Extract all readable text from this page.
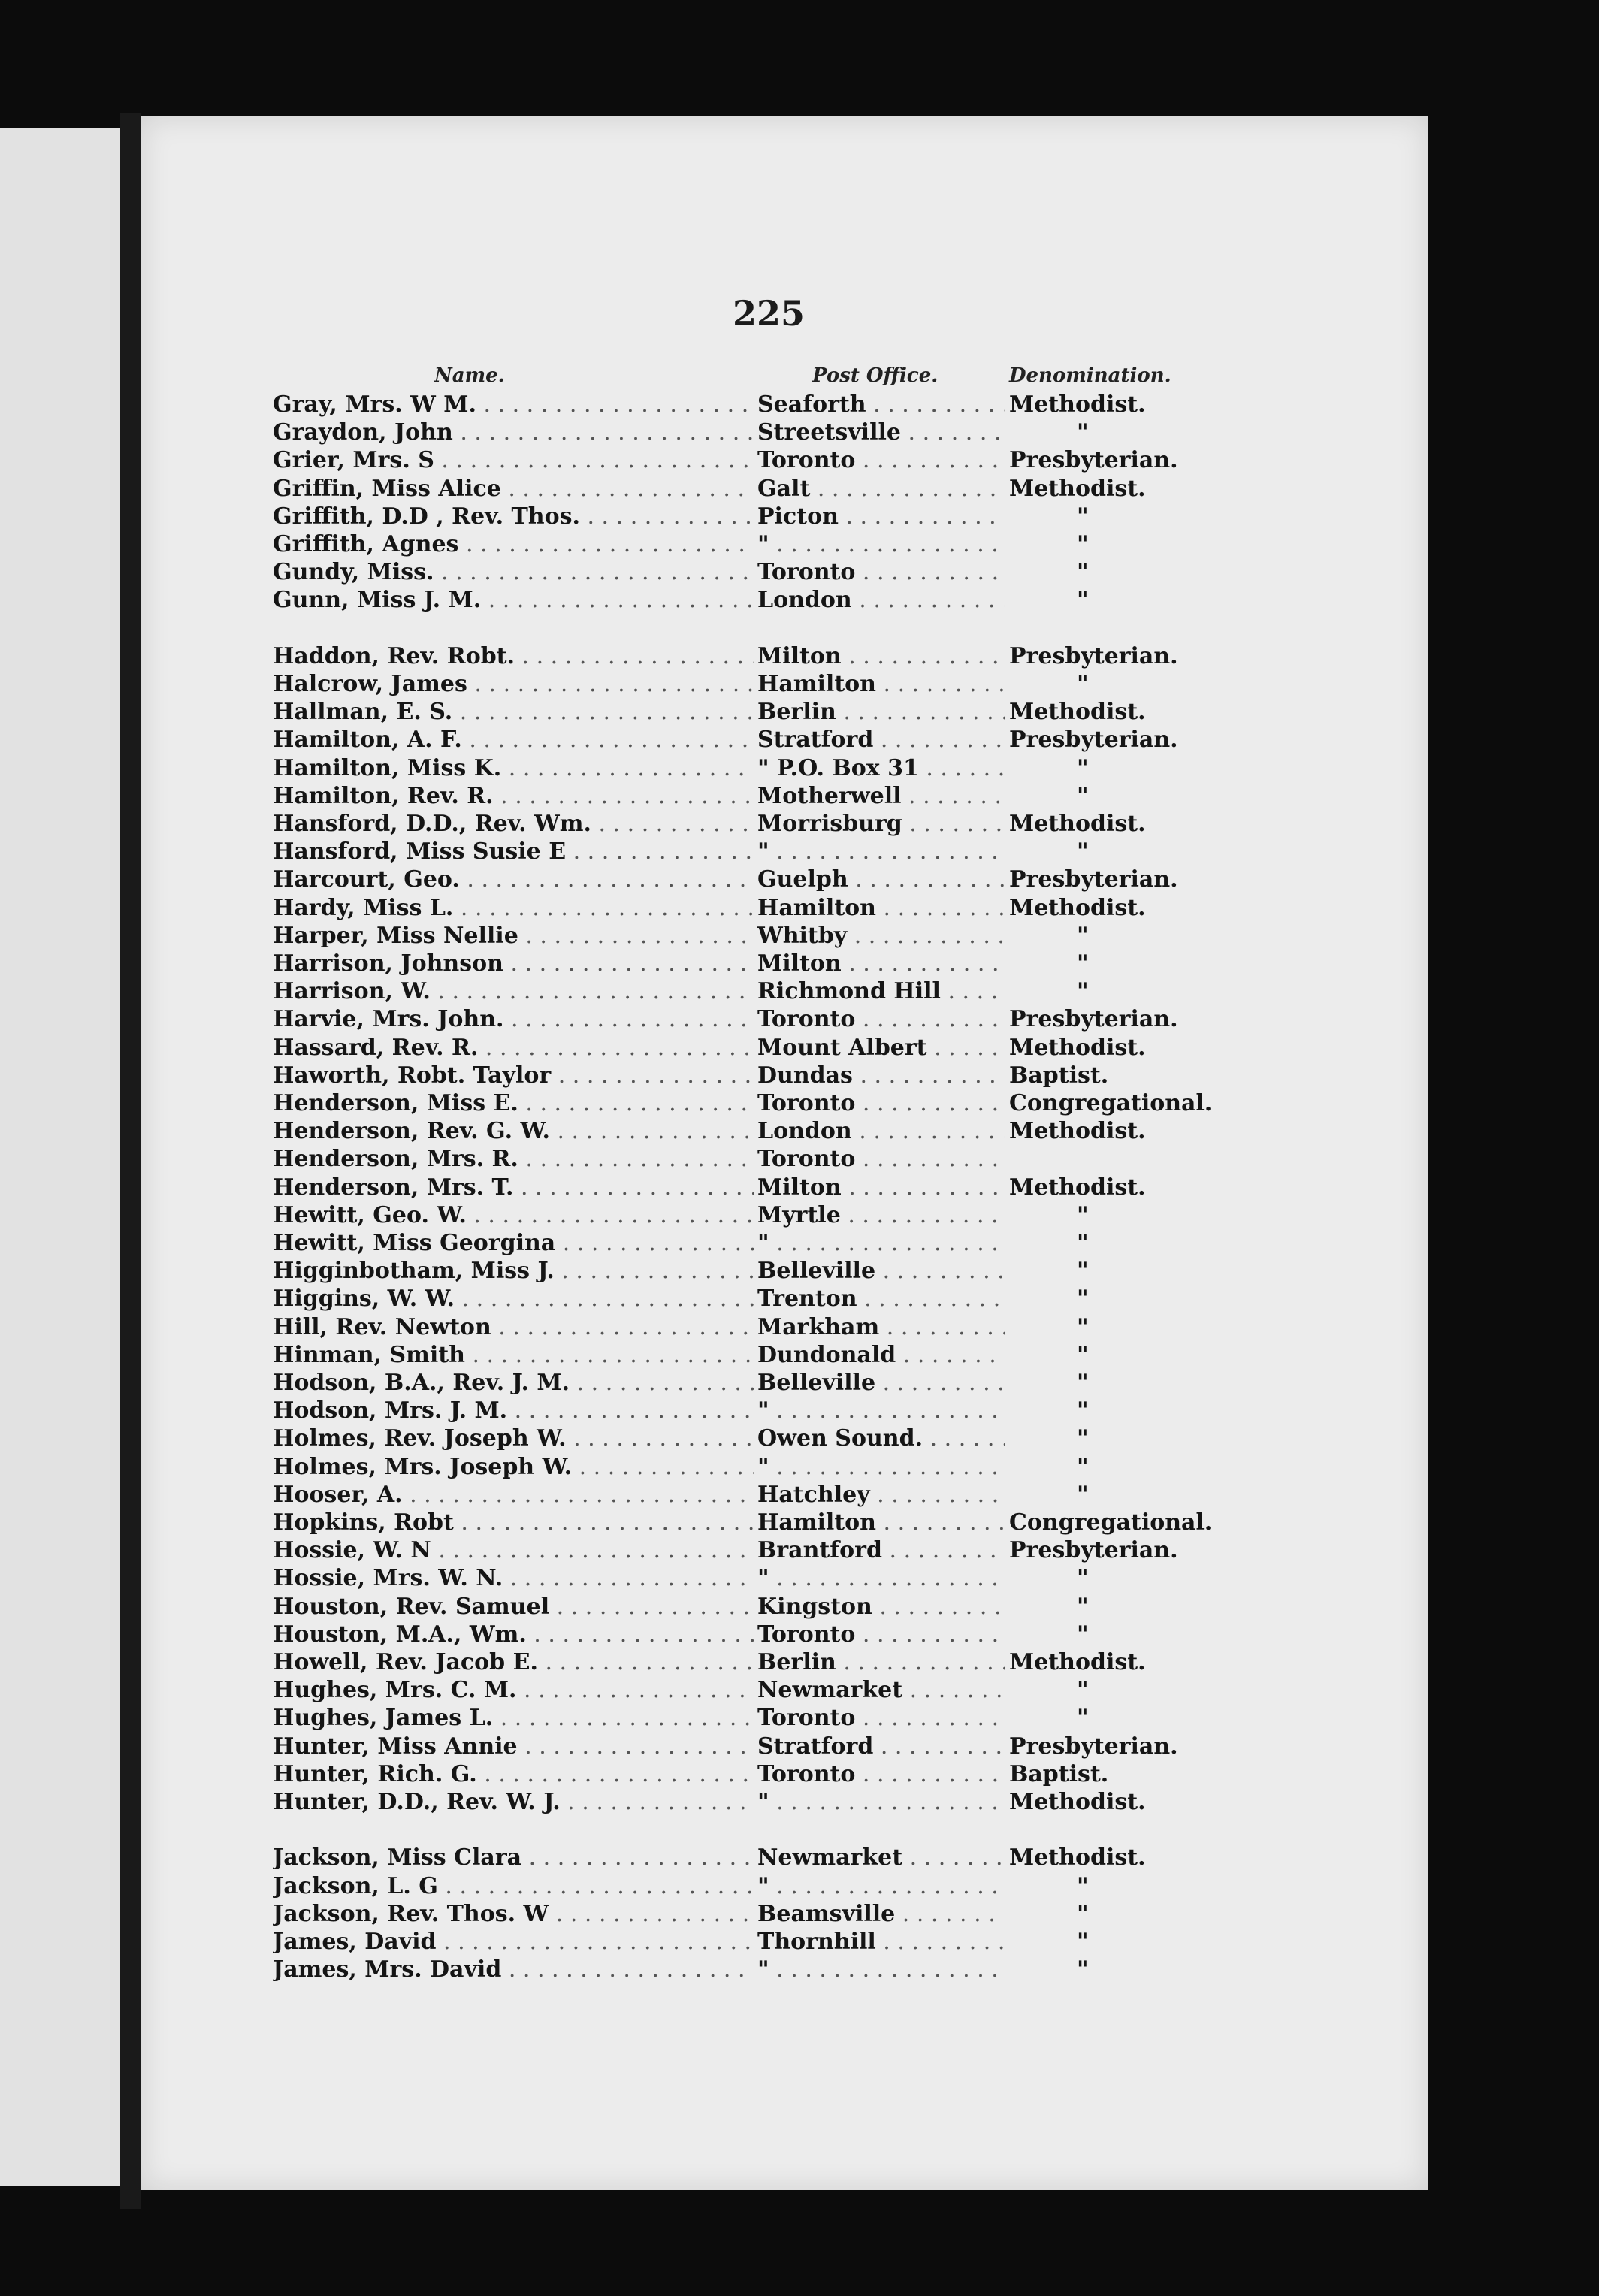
225
Name.	Post Office.	Denomination.
Gray, Mrs. W M. . . .	Seaforth . . .	Methodist.
Graydon, John . . .	Streetsville . . .	"
Grier, Mrs. S . . .	Toronto . . .	Presbyterian.
Griffin, Miss Alice . . .	Galt . . .	Methodist.
Griffith, D.D , Rev. Thos. . . .	Picton . . .	"
Griffith, Agnes . . .	" . . .	"
Gundy, Miss. . . .	Toronto . . .	"
Gunn, Miss J. M. . . .	London . . .	"
Haddon, Rev. Robt. . . .	Milton . . .	Presbyterian.
Halcrow, James . . .	Hamilton . . .	"
Hallman, E. S. . . .	Berlin . . .	Methodist.
Hamilton, A. F. . . .	Stratford . . .	Presbyterian.
Hamilton, Miss K. . . .	" P.O. Box 31 . . .	"
Hamilton, Rev. R. . . .	Motherwell . . .	"
Hansford, D.D., Rev. Wm. . . .	Morrisburg . . .	Methodist.
Hansford, Miss Susie E . . .	" . . .	"
Harcourt, Geo. . . .	Guelph . . .	Presbyterian.
Hardy, Miss L. . . .	Hamilton . . .	Methodist.
Harper, Miss Nellie . . .	Whitby . . .	"
Harrison, Johnson . . .	Milton . . .	"
Harrison, W. . . .	Richmond Hill . . .	"
Harvie, Mrs. John. . . .	Toronto . . .	Presbyterian.
Hassard, Rev. R. . . .	Mount Albert . . .	Methodist.
Haworth, Robt. Taylor . . .	Dundas . . .	Baptist.
Henderson, Miss E. . . .	Toronto . . .	Congregational.
Henderson, Rev. G. W. . . .	London . . .	Methodist.
Henderson, Mrs. R. . . .	Toronto . . .
Henderson, Mrs. T. . . .	Milton . . .	Methodist.
Hewitt, Geo. W. . . .	Myrtle . . .	"
Hewitt, Miss Georgina . . .	" . . .	"
Higginbotham, Miss J. . . .	Belleville . . .	"
Higgins, W. W. . . .	Trenton . . .	"
Hill, Rev. Newton . . .	Markham . . .	"
Hinman, Smith . . .	Dundonald . . .	"
Hodson, B.A., Rev. J. M. . . .	Belleville . . .	"
Hodson, Mrs. J. M. . . .	" . . .	"
Holmes, Rev. Joseph W. . . .	Owen Sound. . . .	"
Holmes, Mrs. Joseph W. . . .	" . . .	"
Hooser, A. . . .	Hatchley . . .	"
Hopkins, Robt . . .	Hamilton . . .	Congregational.
Hossie, W. N . . .	Brantford . . .	Presbyterian.
Hossie, Mrs. W. N. . . .	" . . .	"
Houston, Rev. Samuel . . .	Kingston . . .	"
Houston, M.A., Wm. . . .	Toronto . . .	"
Howell, Rev. Jacob E. . . .	Berlin . . .	Methodist.
Hughes, Mrs. C. M. . . .	Newmarket . . .	"
Hughes, James L. . . .	Toronto . . .	"
Hunter, Miss Annie . . .	Stratford . . .	Presbyterian.
Hunter, Rich. G. . . .	Toronto . . .	Baptist.
Hunter, D.D., Rev. W. J. . . .	" . . .	Methodist.
Jackson, Miss Clara . . .	Newmarket . . .	Methodist.
Jackson, L. G . . .	" . . .	"
Jackson, Rev. Thos. W . . .	Beamsville . . .	"
James, David . . .	Thornhill . . .	"
James, Mrs. David . . .	" . . .	"
